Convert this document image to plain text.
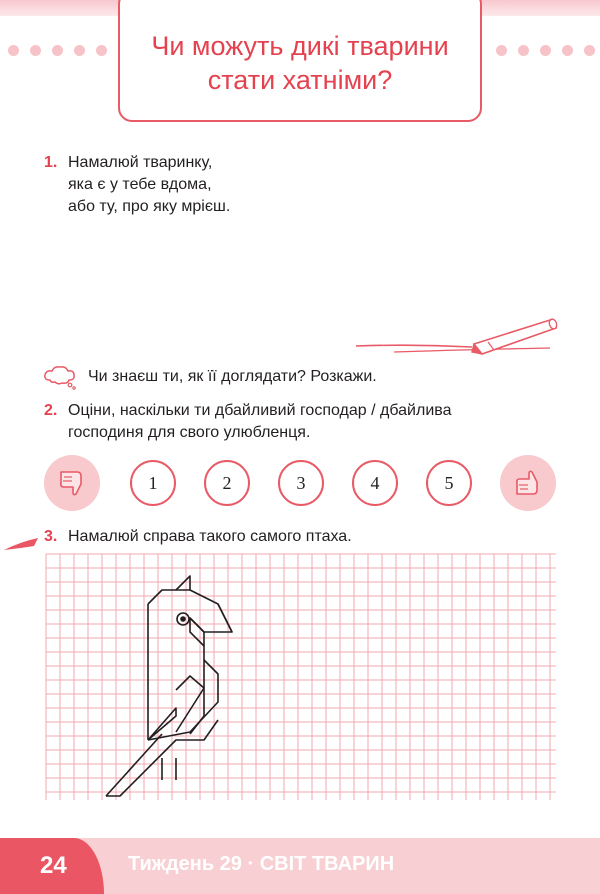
Чи можуть дикі тварини
стати хатніми?
1. Намалюй тваринку,
яка є у тебе вдома,
або ту, про яку мрієш.
Чи знаєш ти, як її доглядати? Розкажи.
2. Оціни, наскільки ти дбайливий господар / дбайлива
господиня для свого улюбленця.
1	2	3	4	5
3. Намалюй справа такого самого птаха.
24	Тиждень 29 · СВІТ ТВАРИН
